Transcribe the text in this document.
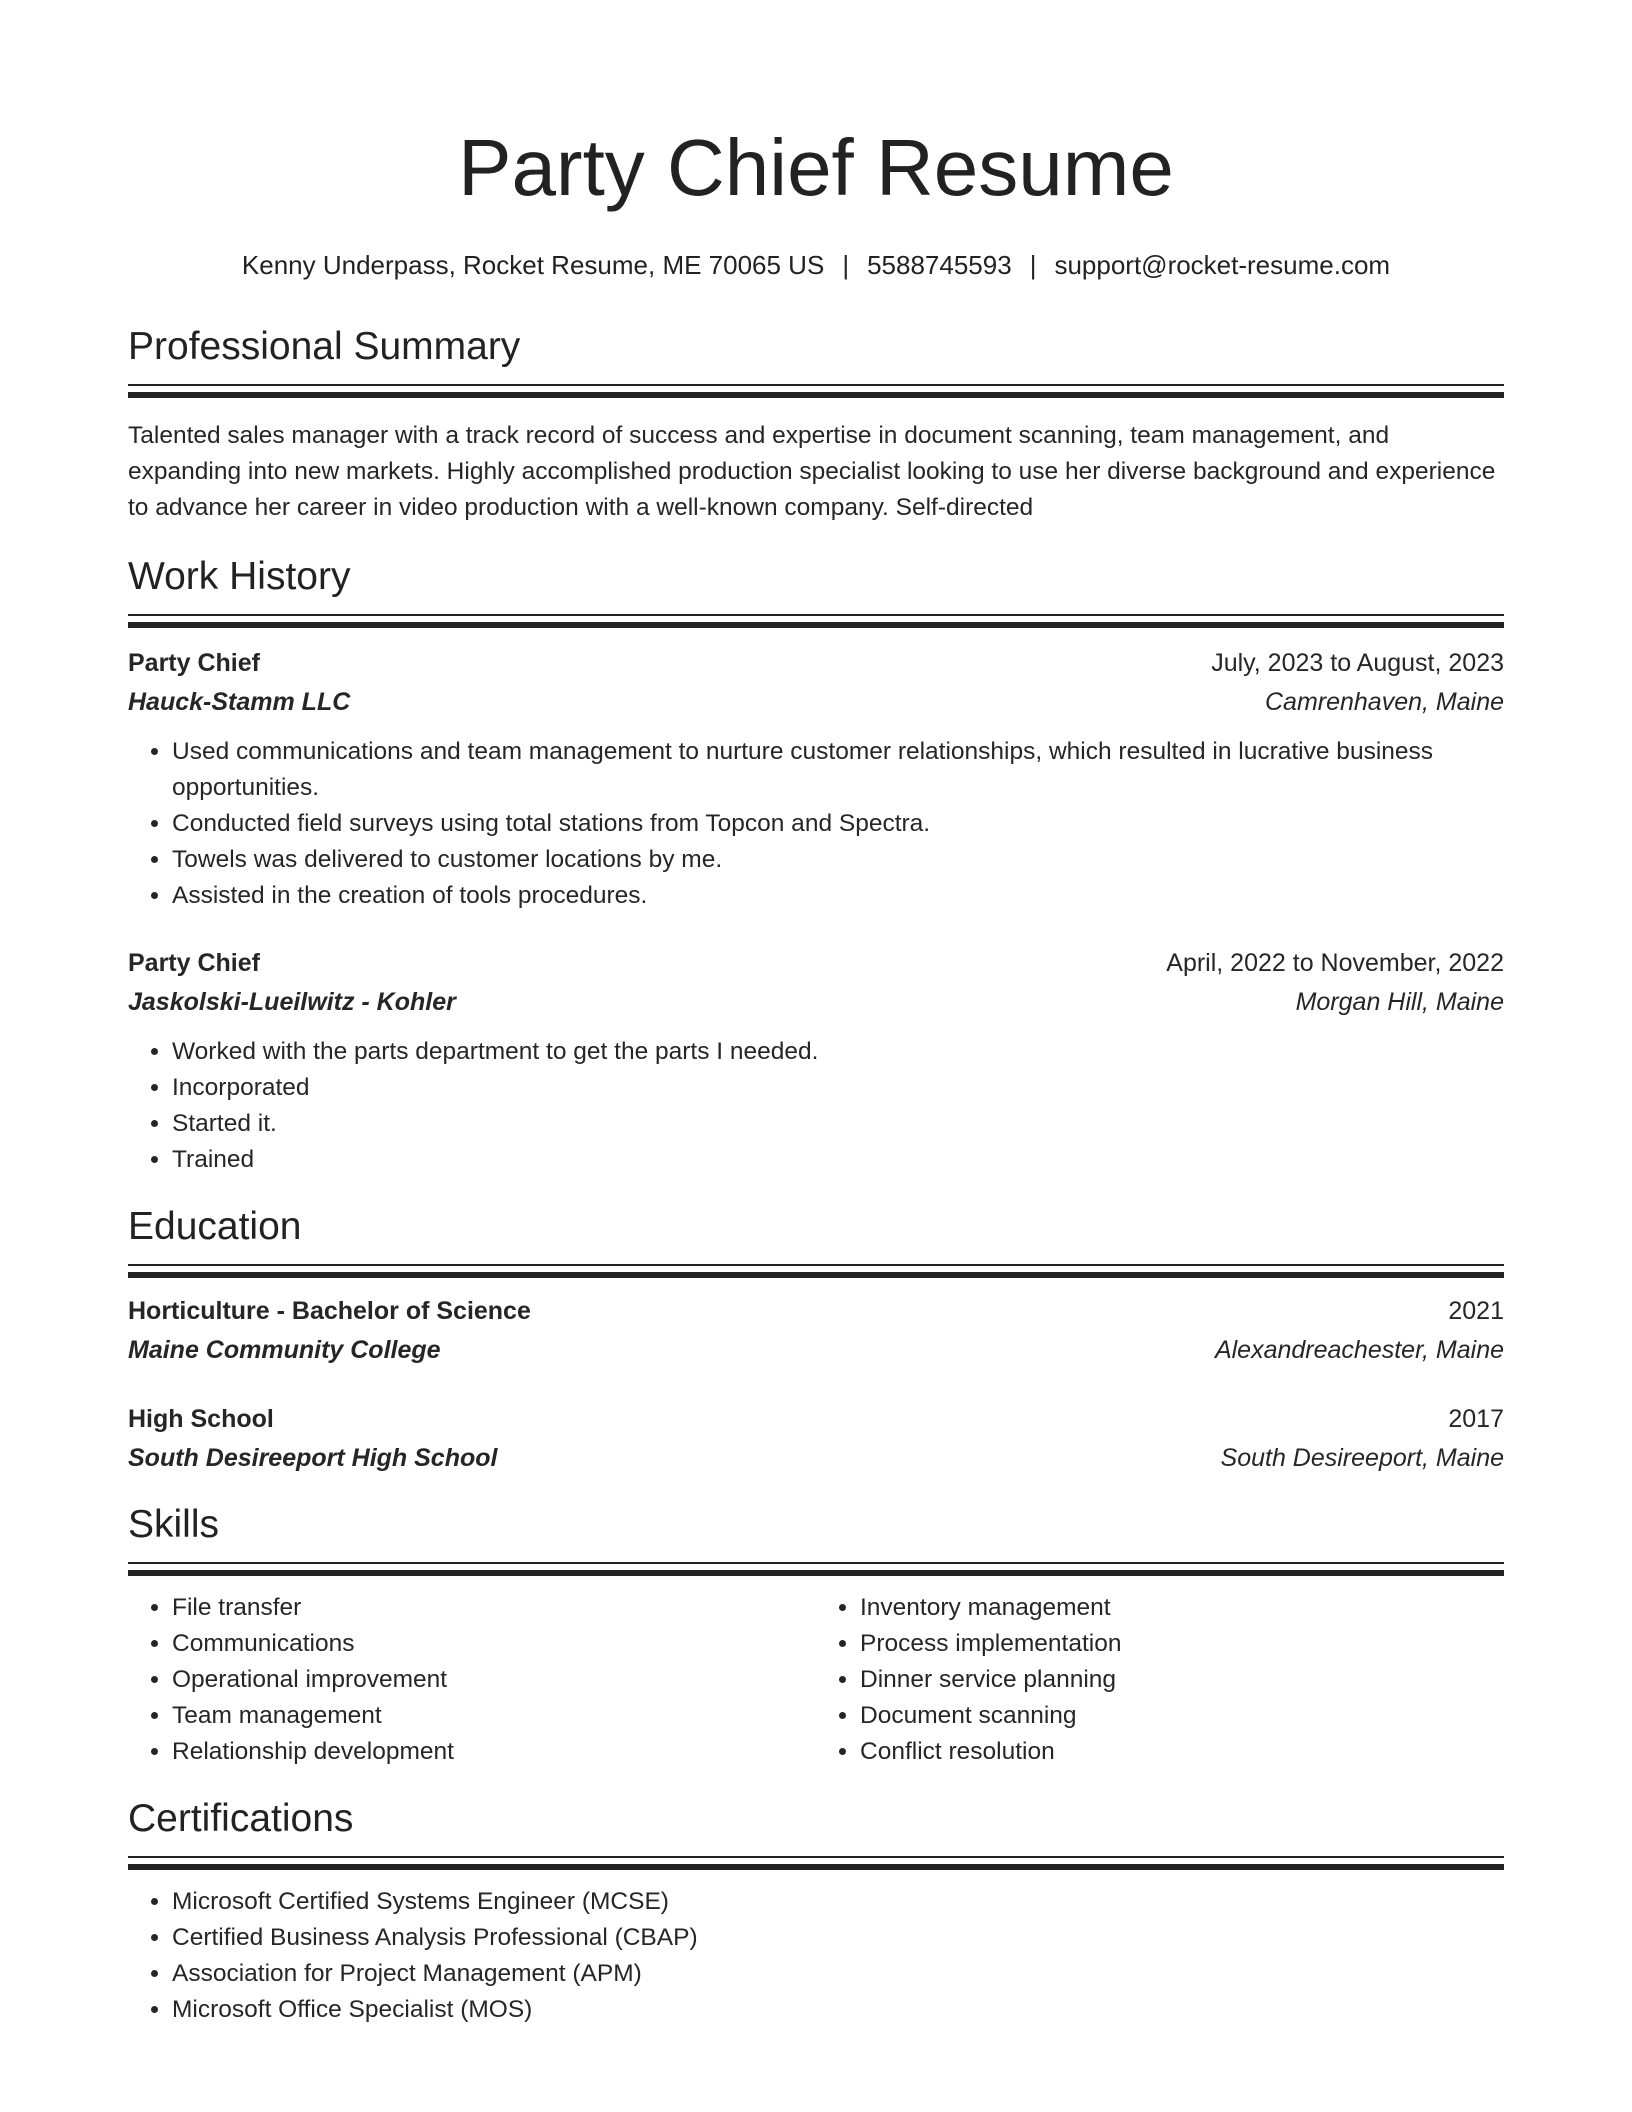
Party Chief Resume
Kenny Underpass, Rocket Resume, ME 70065 US | 5588745593 | support@rocket-resume.com
Professional Summary
Talented sales manager with a track record of success and expertise in document scanning, team management, and expanding into new markets. Highly accomplished production specialist looking to use her diverse background and experience to advance her career in video production with a well-known company. Self-directed
Work History
Party Chief	July, 2023 to August, 2023
Hauck-Stamm LLC	Camrenhaven, Maine
• Used communications and team management to nurture customer relationships, which resulted in lucrative business opportunities.
• Conducted field surveys using total stations from Topcon and Spectra.
• Towels was delivered to customer locations by me.
• Assisted in the creation of tools procedures.
Party Chief	April, 2022 to November, 2022
Jaskolski-Lueilwitz - Kohler	Morgan Hill, Maine
• Worked with the parts department to get the parts I needed.
• Incorporated
• Started it.
• Trained
Education
Horticulture - Bachelor of Science	2021
Maine Community College	Alexandreachester, Maine
High School	2017
South Desireeport High School	South Desireeport, Maine
Skills
• File transfer
• Communications
• Operational improvement
• Team management
• Relationship development
• Inventory management
• Process implementation
• Dinner service planning
• Document scanning
• Conflict resolution
Certifications
• Microsoft Certified Systems Engineer (MCSE)
• Certified Business Analysis Professional (CBAP)
• Association for Project Management (APM)
• Microsoft Office Specialist (MOS)
